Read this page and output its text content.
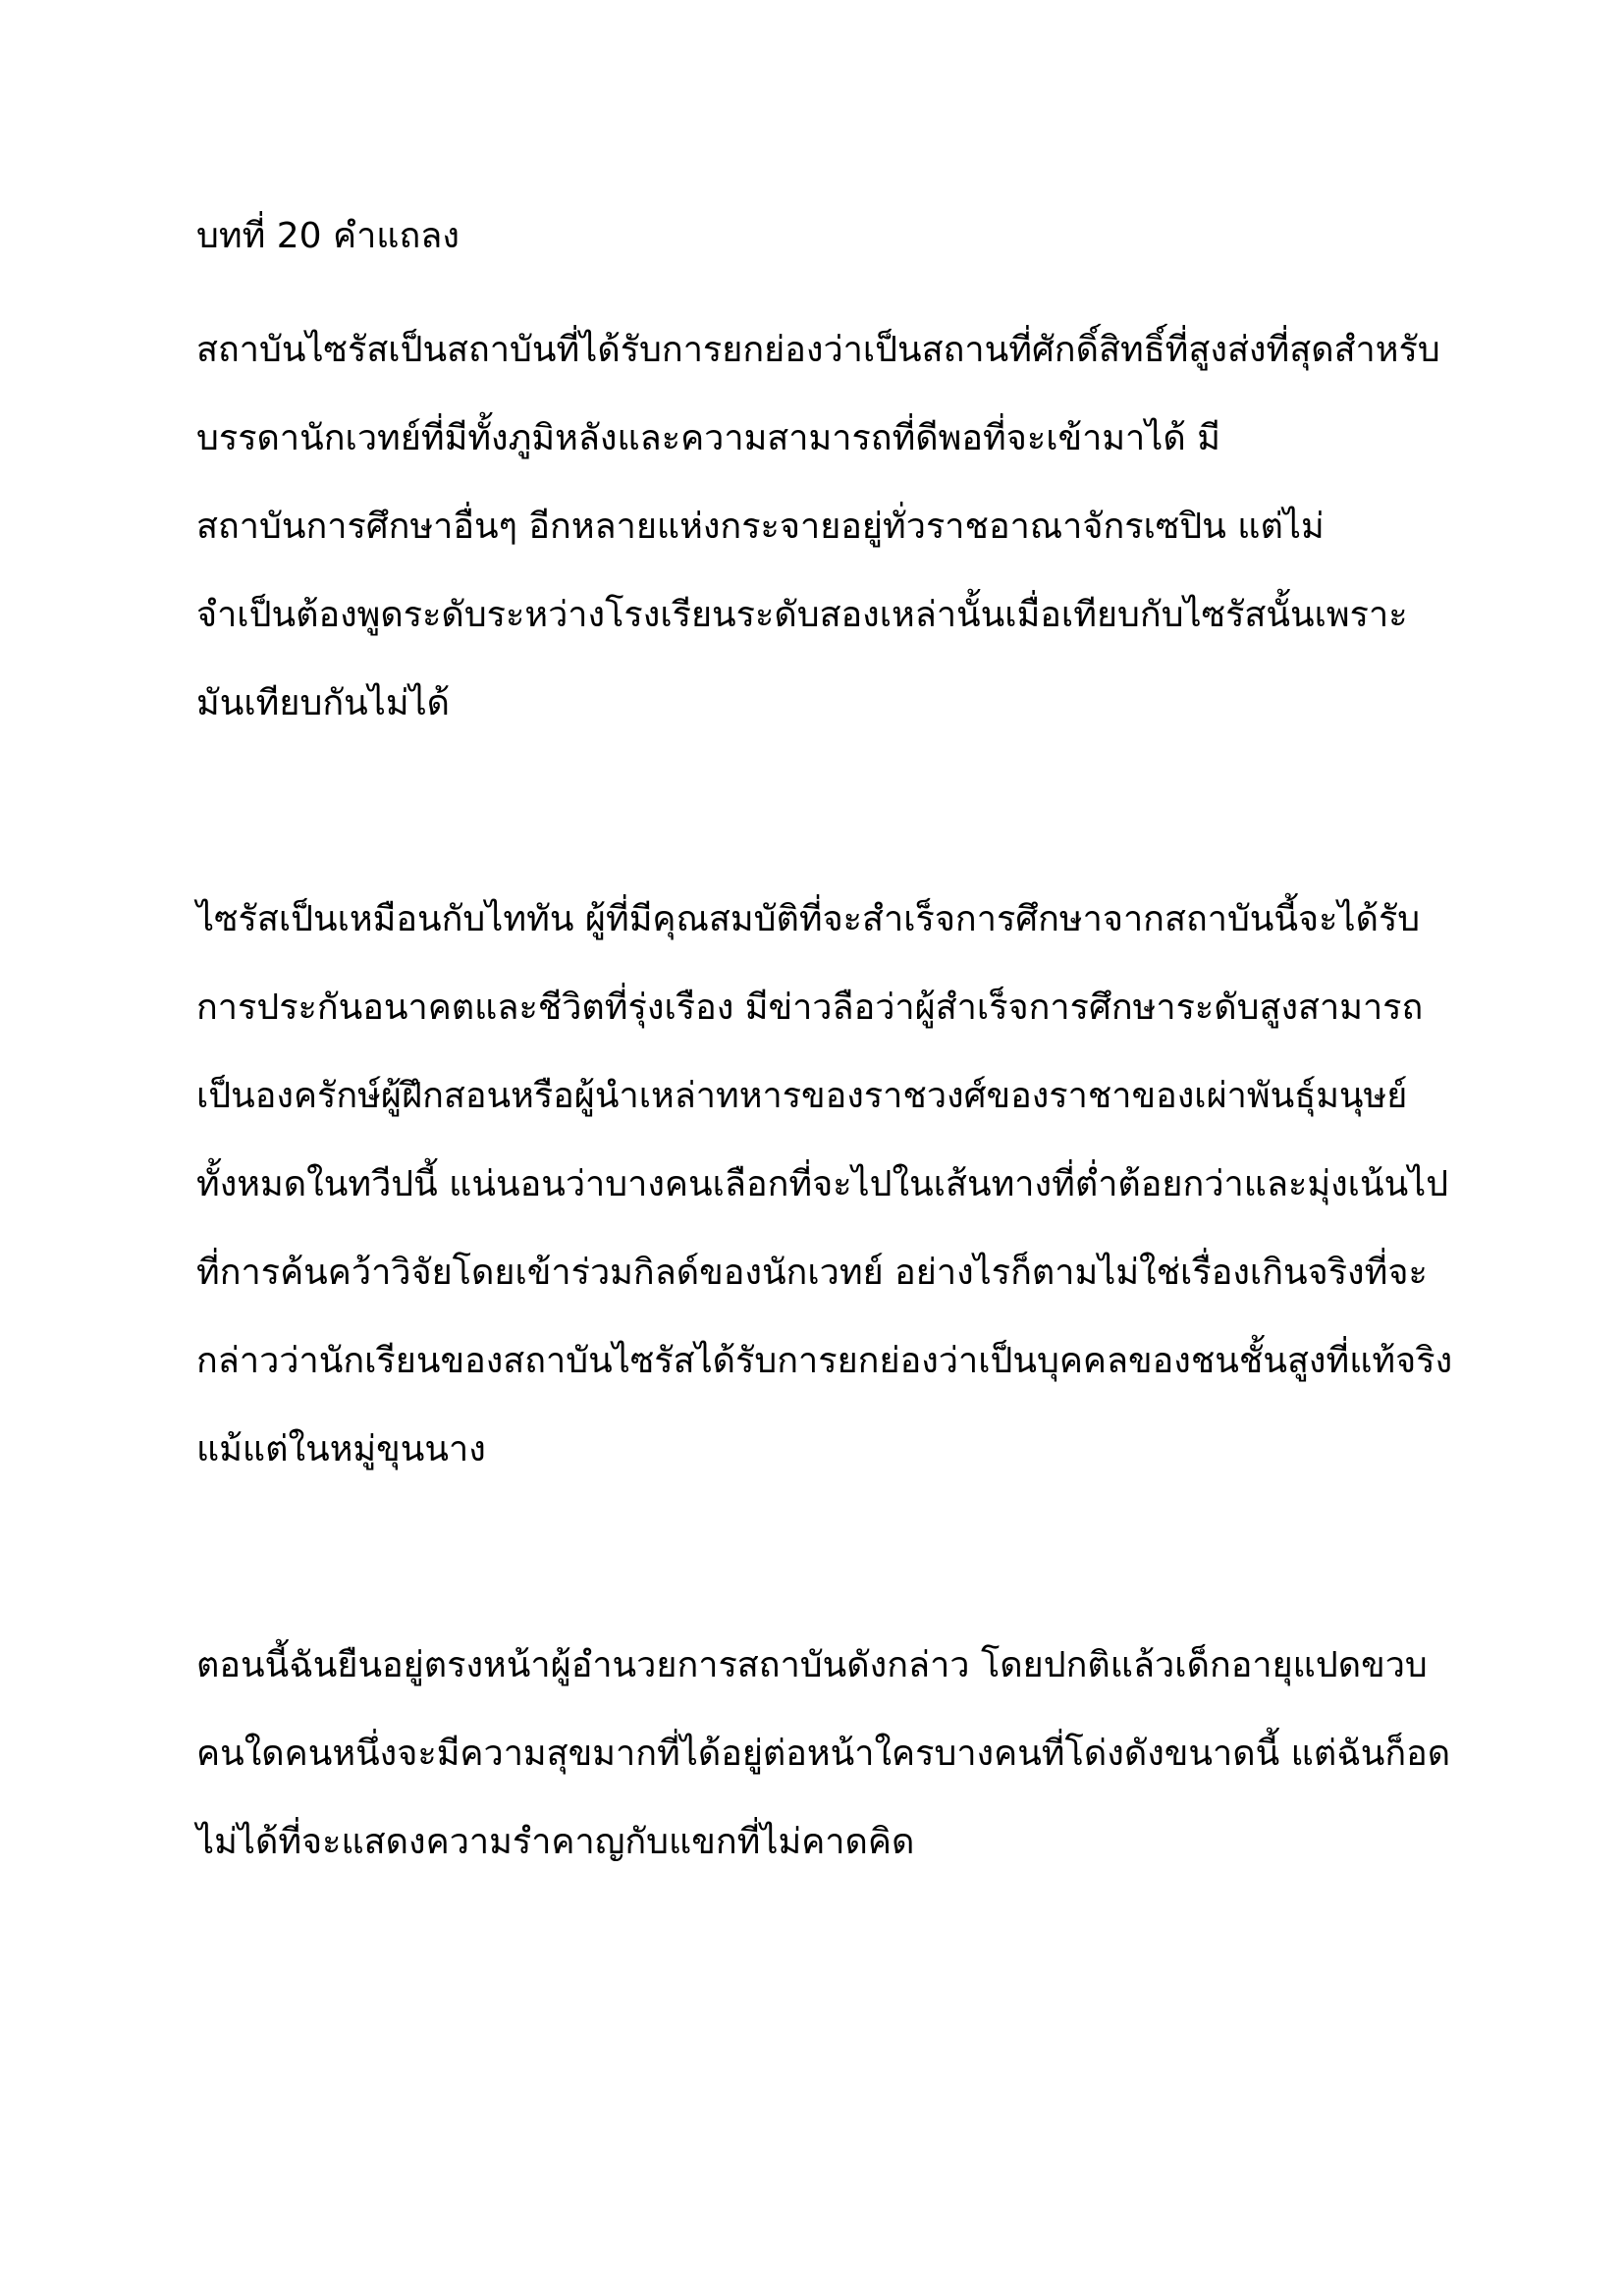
บทที่ 20 คำแถลง
สถาบันไซรัสเป็นสถาบันที่ได้รับการยกย่องว่าเป็นสถานที่ศักดิ์สิทธิ์ที่สูงส่งที่สุดสำหรับ
บรรดานักเวทย์ที่มีทั้งภูมิหลังและความสามารถที่ดีพอที่จะเข้ามาได้ มี
สถาบันการศึกษาอื่นๆ อีกหลายแห่งกระจายอยู่ทั่วราชอาณาจักรเซปิน แต่ไม่
จำเป็นต้องพูดระดับระหว่างโรงเรียนระดับสองเหล่านั้นเมื่อเทียบกับไซรัสนั้นเพราะ
มันเทียบกันไม่ได้
ไซรัสเป็นเหมือนกับไททัน ผู้ที่มีคุณสมบัติที่จะสำเร็จการศึกษาจากสถาบันนี้จะได้รับ
การประกันอนาคตและชีวิตที่รุ่งเรือง มีข่าวลือว่าผู้สำเร็จการศึกษาระดับสูงสามารถ
เป็นองครักษ์ผู้ฝึกสอนหรือผู้นำเหล่าทหารของราชวงศ์ของราชาของเผ่าพันธุ์มนุษย์
ทั้งหมดในทวีปนี้ แน่นอนว่าบางคนเลือกที่จะไปในเส้นทางที่ต่ำต้อยกว่าและมุ่งเน้นไป
ที่การค้นคว้าวิจัยโดยเข้าร่วมกิลด์ของนักเวทย์ อย่างไรก็ตามไม่ใช่เรื่องเกินจริงที่จะ
กล่าวว่านักเรียนของสถาบันไซรัสได้รับการยกย่องว่าเป็นบุคคลของชนชั้นสูงที่แท้จริง
แม้แต่ในหมู่ขุนนาง
ตอนนี้ฉันยืนอยู่ตรงหน้าผู้อำนวยการสถาบันดังกล่าว โดยปกติแล้วเด็กอายุแปดขวบ
คนใดคนหนึ่งจะมีความสุขมากที่ได้อยู่ต่อหน้าใครบางคนที่โด่งดังขนาดนี้ แต่ฉันก็อด
ไม่ได้ที่จะแสดงความรำคาญกับแขกที่ไม่คาดคิด
